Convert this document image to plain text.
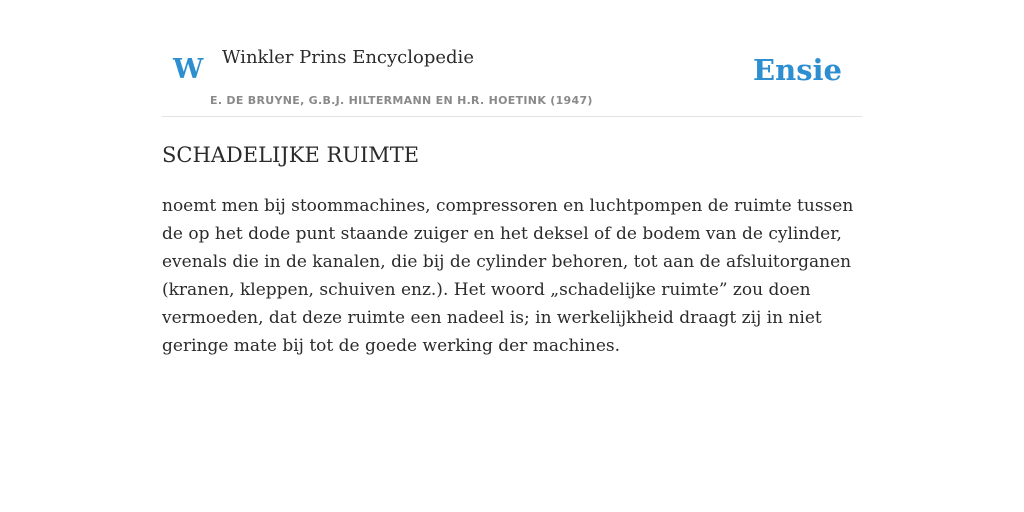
W Winkler Prins Encyclopedie
E. DE BRUYNE, G.B.J. HILTERMANN EN H.R. HOETINK (1947)
Ensie
SCHADELIJKE RUIMTE

noemt men bij stoommachines, compressoren en luchtpompen de ruimte tussen de op het dode punt staande zuiger en het deksel of de bodem van de cylinder, evenals die in de kanalen, die bij de cylinder behoren, tot aan de afsluitorganen (kranen, kleppen, schuiven enz.). Het woord „schadelijke ruimte” zou doen vermoeden, dat deze ruimte een nadeel is; in werkelijkheid draagt zij in niet geringe mate bij tot de goede werking der machines.
